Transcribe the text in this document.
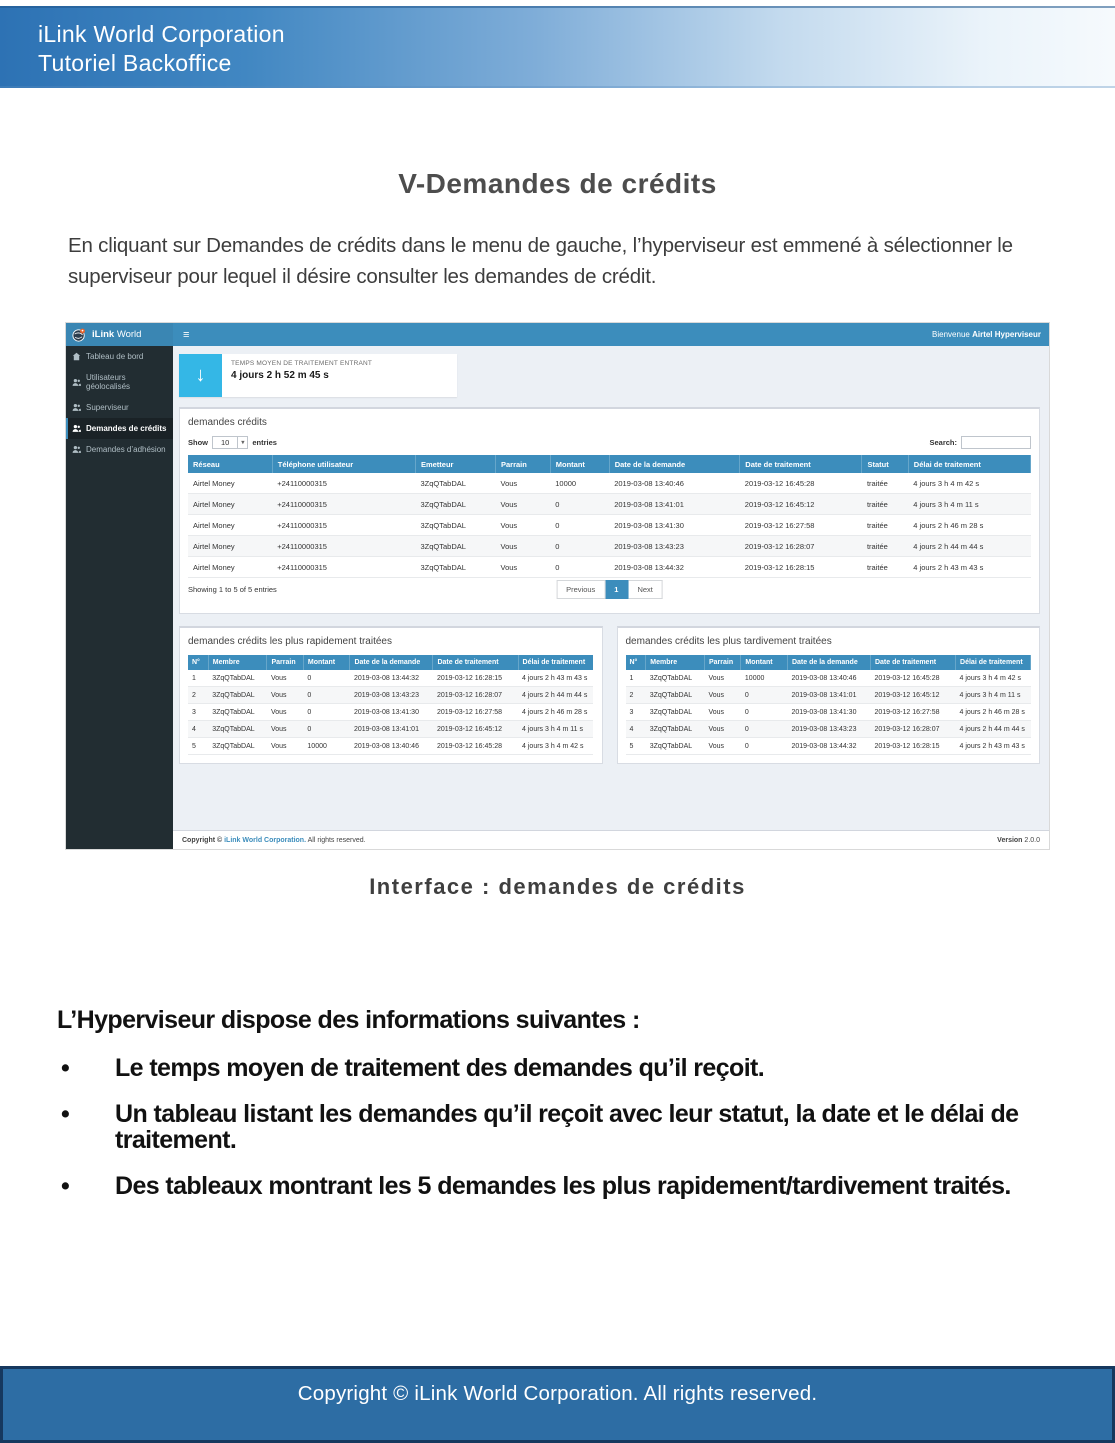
iLink World Corporation
Tutoriel Backoffice
V-Demandes de crédits

En cliquant sur Demandes de crédits dans le menu de gauche, l’hyperviseur est emmené à sélectionner le superviseur pour lequel il désire consulter les demandes de crédit.

iLink World	≡	Bienvenue Airtel Hyperviseur
Tableau de bord
Utilisateurs géolocalisés
Superviseur
Demandes de crédits
Demandes d’adhésion
↓
TEMPS MOYEN DE TRAITEMENT ENTRANT
4 jours 2 h 52 m 45 s
demandes crédits
Show	10	▾	entries	Search:
Réseau	Téléphone utilisateur	Emetteur	Parrain	Montant	Date de la demande	Date de traitement	Statut	Délai de traitement
Airtel Money	+24110000315	3ZqQTabDAL	Vous	10000	2019-03-08 13:40:46	2019-03-12 16:45:28	traitée	4 jours 3 h 4 m 42 s
Airtel Money	+24110000315	3ZqQTabDAL	Vous	0	2019-03-08 13:41:01	2019-03-12 16:45:12	traitée	4 jours 3 h 4 m 11 s
Airtel Money	+24110000315	3ZqQTabDAL	Vous	0	2019-03-08 13:41:30	2019-03-12 16:27:58	traitée	4 jours 2 h 46 m 28 s
Airtel Money	+24110000315	3ZqQTabDAL	Vous	0	2019-03-08 13:43:23	2019-03-12 16:28:07	traitée	4 jours 2 h 44 m 44 s
Airtel Money	+24110000315	3ZqQTabDAL	Vous	0	2019-03-08 13:44:32	2019-03-12 16:28:15	traitée	4 jours 2 h 43 m 43 s
Showing 1 to 5 of 5 entries	Previous	1	Next
demandes crédits les plus rapidement traitées
N°	Membre	Parrain	Montant	Date de la demande	Date de traitement	Délai de traitement
1	3ZqQTabDAL	Vous	0	2019-03-08 13:44:32	2019-03-12 16:28:15	4 jours 2 h 43 m 43 s
2	3ZqQTabDAL	Vous	0	2019-03-08 13:43:23	2019-03-12 16:28:07	4 jours 2 h 44 m 44 s
3	3ZqQTabDAL	Vous	0	2019-03-08 13:41:30	2019-03-12 16:27:58	4 jours 2 h 46 m 28 s
4	3ZqQTabDAL	Vous	0	2019-03-08 13:41:01	2019-03-12 16:45:12	4 jours 3 h 4 m 11 s
5	3ZqQTabDAL	Vous	10000	2019-03-08 13:40:46	2019-03-12 16:45:28	4 jours 3 h 4 m 42 s
demandes crédits les plus tardivement traitées
N°	Membre	Parrain	Montant	Date de la demande	Date de traitement	Délai de traitement
1	3ZqQTabDAL	Vous	10000	2019-03-08 13:40:46	2019-03-12 16:45:28	4 jours 3 h 4 m 42 s
2	3ZqQTabDAL	Vous	0	2019-03-08 13:41:01	2019-03-12 16:45:12	4 jours 3 h 4 m 11 s
3	3ZqQTabDAL	Vous	0	2019-03-08 13:41:30	2019-03-12 16:27:58	4 jours 2 h 46 m 28 s
4	3ZqQTabDAL	Vous	0	2019-03-08 13:43:23	2019-03-12 16:28:07	4 jours 2 h 44 m 44 s
5	3ZqQTabDAL	Vous	0	2019-03-08 13:44:32	2019-03-12 16:28:15	4 jours 2 h 43 m 43 s
Copyright © iLink World Corporation. All rights reserved.	Version 2.0.0
Interface : demandes de crédits
L’Hyperviseur dispose des informations suivantes :
• Le temps moyen de traitement des demandes qu’il reçoit.
• Un tableau listant les demandes qu’il reçoit avec leur statut, la date et le délai de traitement.
• Des tableaux montrant les 5 demandes les plus rapidement/tardivement traités.
Copyright © iLink World Corporation. All rights reserved.
